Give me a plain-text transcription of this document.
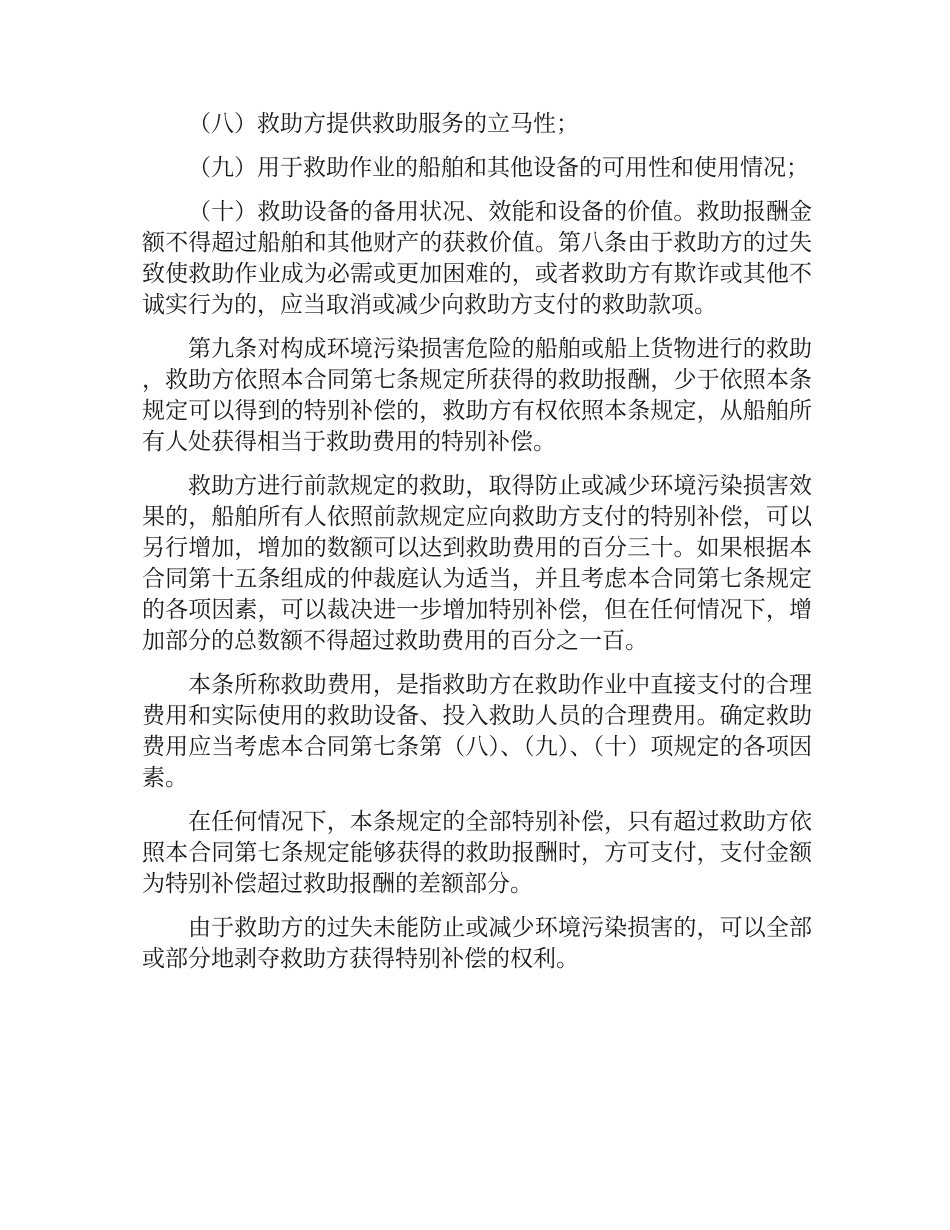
（八）救助方提供救助服务的立马性；

（九）用于救助作业的船舶和其他设备的可用性和使用情况；

（十）救助设备的备用状况、效能和设备的价值。救助报酬金额不得超过船舶和其他财产的获救价值。第八条由于救助方的过失致使救助作业成为必需或更加困难的，或者救助方有欺诈或其他不诚实行为的，应当取消或减少向救助方支付的救助款项。

第九条对构成环境污染损害危险的船舶或船上货物进行的救助，救助方依照本合同第七条规定所获得的救助报酬，少于依照本条规定可以得到的特别补偿的，救助方有权依照本条规定，从船舶所有人处获得相当于救助费用的特别补偿。

救助方进行前款规定的救助，取得防止或减少环境污染损害效果的，船舶所有人依照前款规定应向救助方支付的特别补偿，可以另行增加，增加的数额可以达到救助费用的百分三十。如果根据本合同第十五条组成的仲裁庭认为适当，并且考虑本合同第七条规定的各项因素，可以裁决进一步增加特别补偿，但在任何情况下，增加部分的总数额不得超过救助费用的百分之一百。

本条所称救助费用，是指救助方在救助作业中直接支付的合理费用和实际使用的救助设备、投入救助人员的合理费用。确定救助费用应当考虑本合同第七条第（八）、（九）、（十）项规定的各项因素。

在任何情况下，本条规定的全部特别补偿，只有超过救助方依照本合同第七条规定能够获得的救助报酬时，方可支付，支付金额为特别补偿超过救助报酬的差额部分。

由于救助方的过失未能防止或减少环境污染损害的，可以全部或部分地剥夺救助方获得特别补偿的权利。
